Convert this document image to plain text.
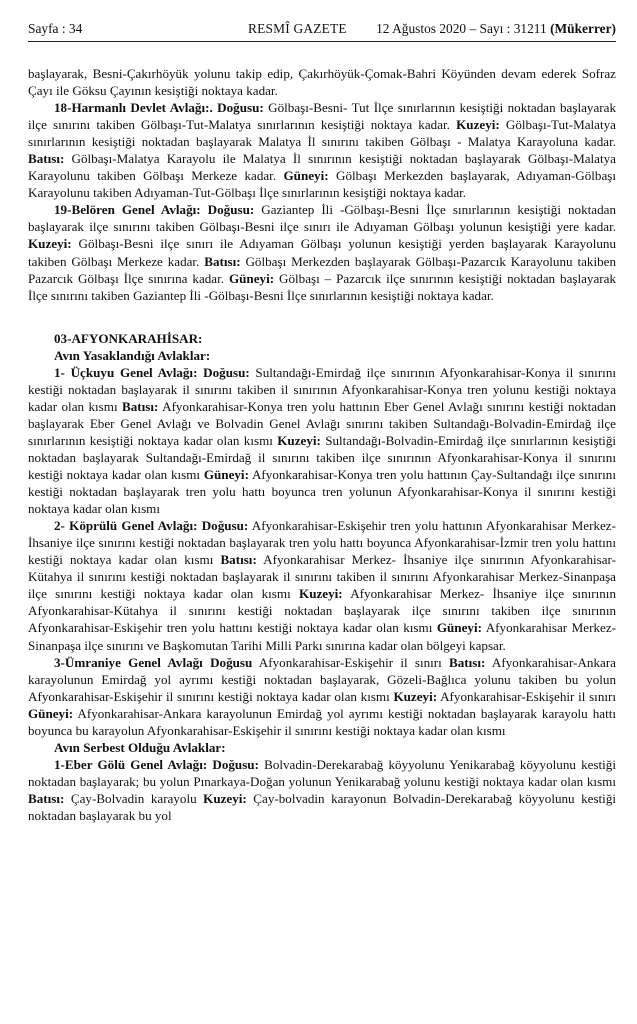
Sayfa : 34	RESMÎ GAZETE 12 Ağustos 2020 – Sayı : 31211 (Mükerrer)

başlayarak, Besni-Çakırhöyük yolunu takip edip, Çakırhöyük-Çomak-Bahri Köyünden devam ederek Sofraz Çayı ile Göksu Çayının kesiştiği noktaya kadar.

18-Harmanlı Devlet Avlağı:. Doğusu: Gölbaşı-Besni- Tut İlçe sınırlarının kesiştiği noktadan başlayarak ilçe sınırını takiben Gölbaşı-Tut-Malatya sınırlarının kesiştiği noktaya kadar. Kuzeyi: Gölbaşı-Tut-Malatya sınırlarının kesiştiği noktadan başlayarak Malatya İl sınırını takiben Gölbaşı - Malatya Karayoluna kadar. Batısı: Gölbaşı-Malatya Karayolu ile Malatya İl sınırının kesiştiği noktadan başlayarak Gölbaşı-Malatya Karayolunu takiben Gölbaşı Merkeze kadar. Güneyi: Gölbaşı Merkezden başlayarak, Adıyaman-Gölbaşı Karayolunu takiben Adıyaman-Tut-Gölbaşı İlçe sınırlarının kesiştiği noktaya kadar.

19-Belören Genel Avlağı: Doğusu: Gaziantep İli -Gölbaşı-Besni İlçe sınırlarının kesiştiği noktadan başlayarak ilçe sınırını takiben Gölbaşı-Besni ilçe sınırı ile Adıyaman Gölbaşı yolunun kesiştiği yere kadar. Kuzeyi: Gölbaşı-Besni ilçe sınırı ile Adıyaman Gölbaşı yolunun kesiştiği yerden başlayarak Karayolunu takiben Gölbaşı Merkeze kadar. Batısı: Gölbaşı Merkezden başlayarak Gölbaşı-Pazarcık Karayolunu takiben Pazarcık Gölbaşı İlçe sınırına kadar. Güneyi: Gölbaşı – Pazarcık ilçe sınırının kesiştiği noktadan başlayarak İlçe sınırını takiben Gaziantep İli -Gölbaşı-Besni İlçe sınırlarının kesiştiği noktaya kadar.

03-AFYONKARAHİSAR:

Avın Yasaklandığı Avlaklar:

1- Üçkuyu Genel Avlağı: Doğusu: Sultandağı-Emirdağ ilçe sınırının Afyonkarahisar-Konya il sınırını kestiği noktadan başlayarak il sınırını takiben il sınırının Afyonkarahisar-Konya tren yolunu kestiği noktaya kadar olan kısmı Batısı: Afyonkarahisar-Konya tren yolu hattının Eber Genel Avlağı sınırını kestiği noktadan başlayarak Eber Genel Avlağı ve Bolvadin Genel Avlağı sınırını takiben Sultandağı-Bolvadin-Emirdağ ilçe sınırlarının kesiştiği noktaya kadar olan kısmı Kuzeyi: Sultandağı-Bolvadin-Emirdağ ilçe sınırlarının kesiştiği noktadan başlayarak Sultandağı-Emirdağ il sınırını takiben ilçe sınırının Afyonkarahisar-Konya il sınırını kestiği noktaya kadar olan kısmı Güneyi: Afyonkarahisar-Konya tren yolu hattının Çay-Sultandağı ilçe sınırını kestiği noktadan başlayarak tren yolu hattı boyunca tren yolunun Afyonkarahisar-Konya il sınırını kestiği noktaya kadar olan kısmı

2- Köprülü Genel Avlağı: Doğusu: Afyonkarahisar-Eskişehir tren yolu hattının Afyonkarahisar Merkez- İhsaniye ilçe sınırını kestiği noktadan başlayarak tren yolu hattı boyunca Afyonkarahisar-İzmir tren yolu hattını kestiği noktaya kadar olan kısmı Batısı: Afyonkarahisar Merkez- İhsaniye ilçe sınırının Afyonkarahisar-Kütahya il sınırını kestiği noktadan başlayarak il sınırını takiben il sınırını Afyonkarahisar Merkez-Sinanpaşa ilçe sınırını kestiği noktaya kadar olan kısmı Kuzeyi: Afyonkarahisar Merkez- İhsaniye ilçe sınırının Afyonkarahisar-Kütahya il sınırını kestiği noktadan başlayarak ilçe sınırını takiben ilçe sınırının Afyonkarahisar-Eskişehir tren yolu hattını kestiği noktaya kadar olan kısmı Güneyi: Afyonkarahisar Merkez-Sinanpaşa ilçe sınırını ve Başkomutan Tarihi Milli Parkı sınırına kadar olan bölgeyi kapsar.

3-Ümraniye Genel Avlağı Doğusu Afyonkarahisar-Eskişehir il sınırı Batısı: Afyonkarahisar-Ankara karayolunun Emirdağ yol ayrımı kestiği noktadan başlayarak, Gözeli-Bağlıca yolunu takiben bu yolun Afyonkarahisar-Eskişehir il sınırını kestiği noktaya kadar olan kısmı Kuzeyi: Afyonkarahisar-Eskişehir il sınırı Güneyi: Afyonkarahisar-Ankara karayolunun Emirdağ yol ayrımı kestiği noktadan başlayarak karayolu hattı boyunca bu karayolun Afyonkarahisar-Eskişehir il sınırını kestiği noktaya kadar olan kısmı

Avın Serbest Olduğu Avlaklar:

1-Eber Gölü Genel Avlağı: Doğusu: Bolvadin-Derekarabağ köyyolunu Yenikarabağ köyyolunu kestiği noktadan başlayarak; bu yolun Pınarkaya-Doğan yolunun Yenikarabağ yolunu kestiği noktaya kadar olan kısmı Batısı: Çay-Bolvadin karayolu Kuzeyi: Çay-bolvadin karayonun Bolvadin-Derekarabağ köyyolunu kestiği noktadan başlayarak bu yol
